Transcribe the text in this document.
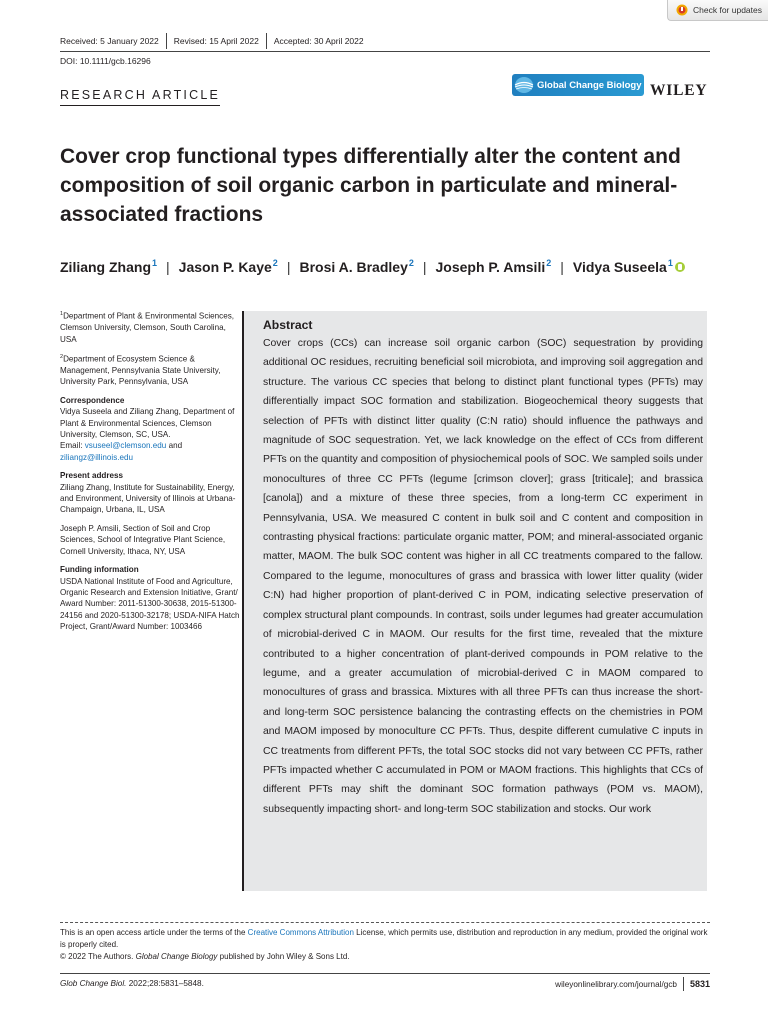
Check for updates
Received: 5 January 2022 Revised: 15 April 2022 Accepted: 30 April 2022
DOI: 10.1111/gcb.16296
RESEARCH ARTICLE
Global Change Biology WILEY
Cover crop functional types differentially alter the content and composition of soil organic carbon in particulate and mineral-associated fractions
Ziliang Zhang$^1$ | Jason P. Kaye$^2$ | Brosi A. Bradley$^2$ | Joseph P. Amsili$^2$ | Vidya Suseela$^1$

$^1$Department of Plant & Environmental Sciences, Clemson University, Clemson, South Carolina, USA

$^2$Department of Ecosystem Science & Management, Pennsylvania State University, University Park, Pennsylvania, USA

Correspondence

Vidya Suseela and Ziliang Zhang, Department of Plant & Environmental Sciences, Clemson University, Clemson, SC, USA.
Email: vsuseel@clemson.edu and
ziliangz@illinois.edu

Present address

Ziliang Zhang, Institute for Sustainability, Energy, and Environment, University of Illinois at Urbana-Champaign, Urbana, IL, USA

Joseph P. Amsili, Section of Soil and Crop Sciences, School of Integrative Plant Science, Cornell University, Ithaca, NY, USA

Funding information

USDA National Institute of Food and Agriculture, Organic Research and Extension Initiative, Grant/ Award Number: 2011-51300-30638, 2015-51300-24156 and 2020-51300-32178; USDA-NIFA Hatch Project, Grant/Award Number: 1003466

Abstract

Cover crops (CCs) can increase soil organic carbon (SOC) sequestration by providing additional OC residues, recruiting beneficial soil microbiota, and improving soil aggregation and structure. The various CC species that belong to distinct plant functional types (PFTs) may differentially impact SOC formation and stabilization. Biogeochemical theory suggests that selection of PFTs with distinct litter quality (C:N ratio) should influence the pathways and magnitude of SOC sequestration. Yet, we lack knowledge on the effect of CCs from different PFTs on the quantity and composition of physiochemical pools of SOC. We sampled soils under monocultures of three CC PFTs (legume [crimson clover]; grass [triticale]; and brassica [canola]) and a mixture of these three species, from a long-term CC experiment in Pennsylvania, USA. We measured C content in bulk soil and C content and composition in contrasting physical fractions: particulate organic matter, POM; and mineral-associated organic matter, MAOM. The bulk SOC content was higher in all CC treatments compared to the fallow. Compared to the legume, monocultures of grass and brassica with lower litter quality (wider C:N) had higher proportion of plant-derived C in POM, indicating selective preservation of complex structural plant compounds. In contrast, soils under legumes had greater accumulation of microbial-derived C in MAOM. Our results for the first time, revealed that the mixture contributed to a higher concentration of plant-derived compounds in POM relative to the legume, and a greater accumulation of microbial-derived C in MAOM compared to monocultures of grass and brassica. Mixtures with all three PFTs can thus increase the short- and long-term SOC persistence balancing the contrasting effects on the chemistries in POM and MAOM imposed by monoculture CC PFTs. Thus, despite different cumulative C inputs in CC treatments from different PFTs, the total SOC stocks did not vary between CC PFTs, rather PFTs impacted whether C accumulated in POM or MAOM fractions. This highlights that CCs of different PFTs may shift the dominant SOC formation pathways (POM vs. MAOM), subsequently impacting short- and long-term SOC stabilization and stocks. Our work

This is an open access article under the terms of the Creative Commons Attribution License, which permits use, distribution and reproduction in any medium, provided the original work is properly cited.

© 2022 The Authors. Global Change Biology published by John Wiley & Sons Ltd.

Glob Change Biol. 2022;28:5831–5848.	wileyonlinelibrary.com/journal/gcb 5831
